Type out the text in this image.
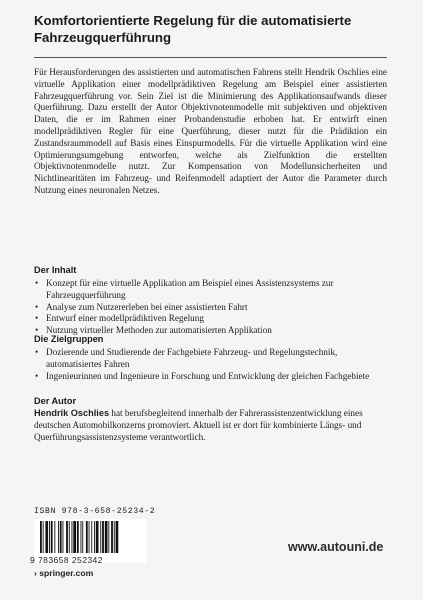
Komfortorientierte Regelung für die automatisierte Fahrzeugquerführung
Für Herausforderungen des assistierten und automatischen Fahrens stellt Hendrik Oschlies eine virtuelle Applikation einer modellprädiktiven Regelung am Beispiel einer assistierten Fahrzeugquerführung vor. Sein Ziel ist die Minimierung des Applikationsaufwands dieser Querführung. Dazu erstellt der Autor Objektivnotenmodelle mit subjektiven und objektiven Daten, die er im Rahmen einer Probandenstudie erhoben hat. Er entwirft einen modellprädiktiven Regler für eine Querführung, dieser nutzt für die Prädiktion ein Zustandsraummodell auf Basis eines Einspurmodells. Für die virtuelle Applikation wird eine Optimierungsumgebung entworfen, welche als Zielfunktion die erstellten Objektivnotenmodelle nutzt. Zur Kompensation von Modellunsicherheiten und Nichtlinearitäten im Fahrzeug- und Reifenmodell adaptiert der Autor die Parameter durch Nutzung eines neuronalen Netzes.
Der Inhalt
• Konzept für eine virtuelle Applikation am Beispiel eines Assistenzsystems zur Fahrzeugquerführung
• Analyse zum Nutzererleben bei einer assistierten Fahrt
• Entwurf einer modellprädiktiven Regelung
• Nutzung virtueller Methoden zur automatisierten Applikation
Die Zielgruppen
• Dozierende und Studierende der Fachgebiete Fahrzeug- und Regelungstechnik, automatisiertes Fahren
• Ingenieurinnen und Ingenieure in Forschung und Entwicklung der gleichen Fachgebiete
Der Autor
Hendrik Oschlies hat berufsbegleitend innerhalb der Fahrerassistenzentwicklung eines deutschen Automobilkonzerns promoviert. Aktuell ist er dort für kombinierte Längs- und Querführungsassistenzsysteme verantwortlich.
ISBN 978-3-658-25234-2
9 783658 252342
› springer.com
www.autouni.de
